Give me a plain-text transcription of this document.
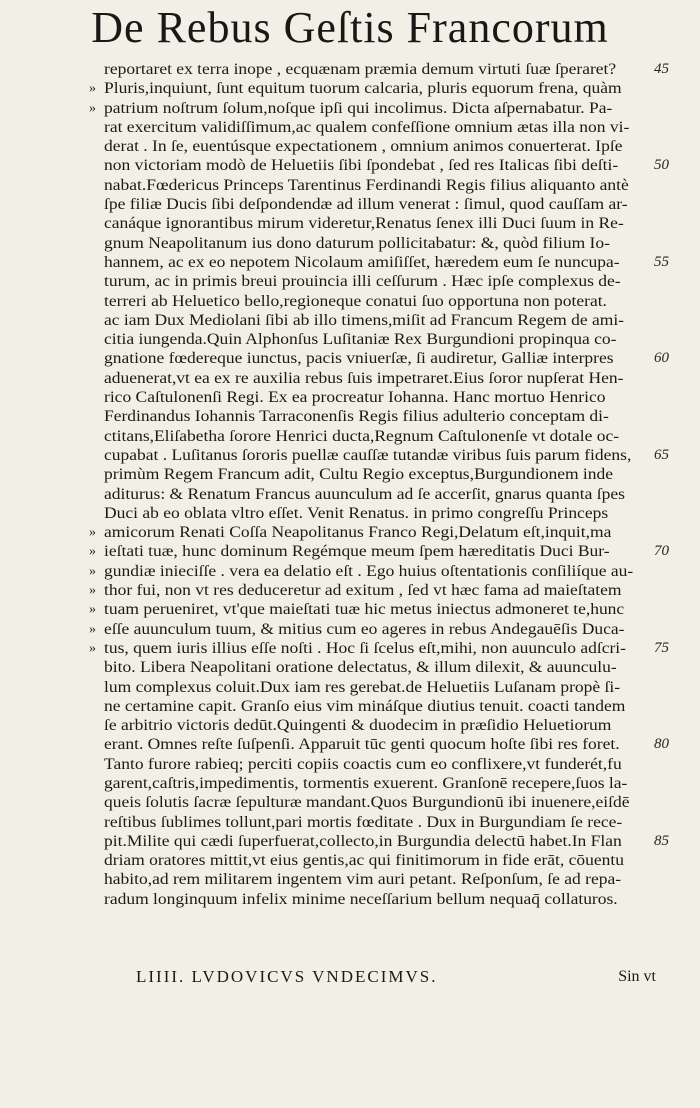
De Rebus Geſtis Francorum
reportaret ex terra inope , ecquænam præmia demum virtuti ſuæ ſperaret?	45
» Pluris,inquiunt, ſunt equitum tuorum calcaria, pluris equorum frena, quàm
» patrium noſtrum ſolum,noſque ipſi qui incolimus. Dicta aſpernabatur. Pa-
rat exercitum validiſſimum,ac qualem confeſſione omnium ætas illa non vi-
derat . In ſe, euentúsque expectationem , omnium animos conuerterat. Ipſe
non victoriam modò de Heluetiis ſibi ſpondebat , ſed res Italicas ſibi deſti- 50
nabat.Fœdericus Princeps Tarentinus Ferdinandi Regis filius aliquanto antè
ſpe filiæ Ducis ſibi deſpondendæ ad illum venerat : ſimul, quod cauſſam ar-
canáque ignorantibus mirum videretur,Renatus ſenex illi Duci ſuum in Re-
gnum Neapolitanum ius dono daturum pollicitabatur: &, quòd filium Io-
hannem, ac ex eo nepotem Nicolaum amiſiſſet, hæredem eum ſe nuncupa- 55
turum, ac in primis breui prouincia illi ceſſurum . Hæc ipſe complexus de-
terreri ab Heluetico bello,regioneque conatui ſuo opportuna non poterat.
ac iam Dux Mediolani ſibi ab illo timens,miſit ad Francum Regem de ami-
citia iungenda.Quin Alphonſus Luſitaniæ Rex Burgundioni propinqua co-
gnatione fœdereque iunctus, pacis vniuerſæ, ſi audiretur, Galliæ interpres	60
aduenerat,vt ea ex re auxilia rebus ſuis impetraret.Eius ſoror nupſerat Hen-
rico Caſtulonenſi Regi. Ex ea procreatur Iohanna. Hanc mortuo Henrico
Ferdinandus Iohannis Tarraconenſis Regis filius adulterio conceptam di-
ctitans,Eliſabetha ſorore Henrici ducta,Regnum Caſtulonenſe vt dotale oc-
cupabat . Luſitanus ſororis puellæ cauſſæ tutandæ viribus ſuis parum fidens, 65
primùm Regem Francum adit, Cultu Regio exceptus,Burgundionem inde
aditurus: & Renatum Francus auunculum ad ſe accerſit, gnarus quanta ſpes
Duci ab eo oblata vltro eſſet. Venit Renatus. in primo congreſſu Princeps
» amicorum Renati Coſſa Neapolitanus Franco Regi,Delatum eſt,inquit,ma
» ieſtati tuæ, hunc dominum Regémque meum ſpem hæreditatis Duci Bur-	70
» gundiæ inieciſſe . vera ea delatio eſt . Ego huius oſtentationis conſiliíque au-
» thor fui, non vt res deduceretur ad exitum , ſed vt hæc fama ad maieſtatem
» tuam perueniret, vt'que maieſtati tuæ hic metus iniectus admoneret te,hunc
» eſſe auunculum tuum, & mitius cum eo ageres in rebus Andegauēſis Duca-
» tus, quem iuris illius eſſe noſti . Hoc ſi ſcelus eſt,mihi, non auunculo adſcri- 75
bito. Libera Neapolitani oratione delectatus, & illum dilexit, & auunculu-
lum complexus coluit.Dux iam res gerebat.de Heluetiis Luſanam propè ſi-
ne certamine capit. Granſo eius vim mináſque diutius tenuit. coacti tandem
ſe arbitrio victoris dedūt.Quingenti & duodecim in præſidio Heluetiorum
erant. Omnes reſte ſuſpenſi. Apparuit tūc genti quocum hoſte ſibi res foret. 80
Tanto furore rabieq; perciti copiis coactis cum eo conflixere,vt funderét,fu
garent,caſtris,impedimentis, tormentis exuerent. Granſonē recepere,ſuos la-
queis ſolutis ſacræ ſepulturæ mandant.Quos Burgundionū ibi inuenere,eiſdē
reſtibus ſublimes tollunt,pari mortis fœditate . Dux in Burgundiam ſe recе-
pit.Milite qui cædi ſuperfuerat,collecto,in Burgundia delectū habet.In Flan 85
driam oratores mittit,vt eius gentis,ac qui finitimorum in fide erāt, cōuentu
habito,ad rem militarem ingentem vim auri petant. Reſponſum, ſe ad repa-
radum longinquum infelix minime neceſſarium bellum nequaq̄ collaturos.
LIIII. LVDOVICVS VNDECIMVS.	Sin vt
